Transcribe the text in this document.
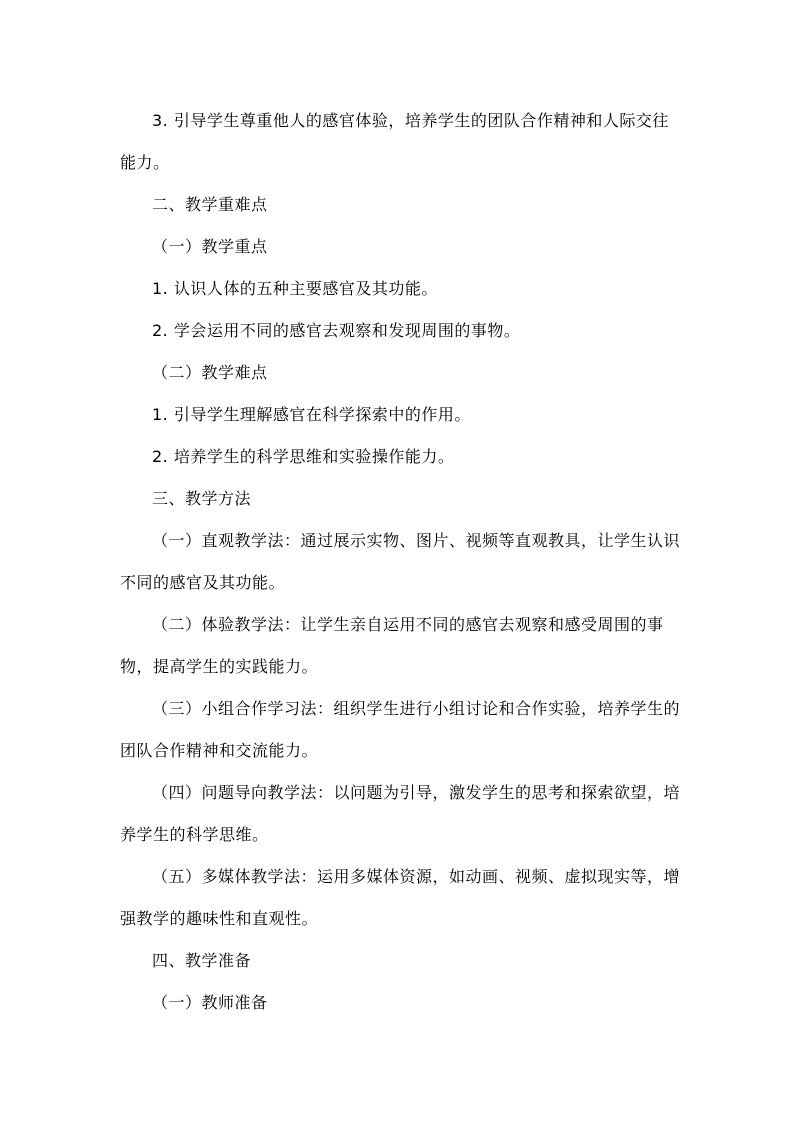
3. 引导学生尊重他人的感官体验，培养学生的团队合作精神和人际交往能力。

二、教学重难点

（一）教学重点

1. 认识人体的五种主要感官及其功能。

2. 学会运用不同的感官去观察和发现周围的事物。

（二）教学难点

1. 引导学生理解感官在科学探索中的作用。

2. 培养学生的科学思维和实验操作能力。

三、教学方法

（一）直观教学法：通过展示实物、图片、视频等直观教具，让学生认识不同的感官及其功能。

（二）体验教学法：让学生亲自运用不同的感官去观察和感受周围的事物，提高学生的实践能力。

（三）小组合作学习法：组织学生进行小组讨论和合作实验，培养学生的团队合作精神和交流能力。

（四）问题导向教学法：以问题为引导，激发学生的思考和探索欲望，培养学生的科学思维。

（五）多媒体教学法：运用多媒体资源，如动画、视频、虚拟现实等，增强教学的趣味性和直观性。

四、教学准备

（一）教师准备
